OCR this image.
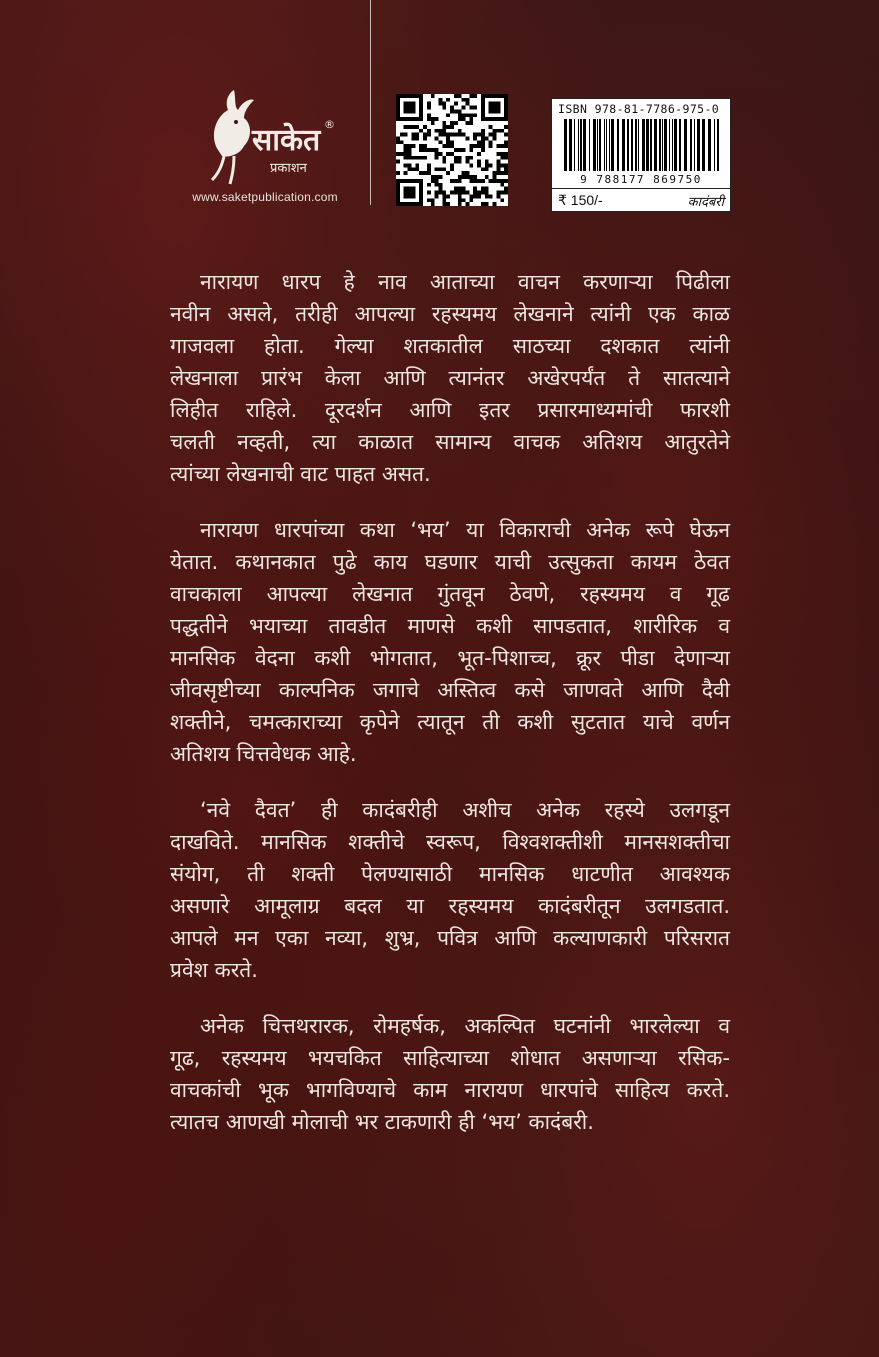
साकेत
प्रकाशन
®
www.saketpublication.com
ISBN 978-81-7786-975-0
9 788177 869750
₹ 150/-	कादंबरी

नारायण धारप हे नाव आताच्या वाचन करणाऱ्या पिढीला
नवीन असले, तरीही आपल्या रहस्यमय लेखनाने त्यांनी एक काळ
गाजवला होता. गेल्या शतकातील साठच्या दशकात त्यांनी
लेखनाला प्रारंभ केला आणि त्यानंतर अखेरपर्यंत ते सातत्याने
लिहीत राहिले. दूरदर्शन आणि इतर प्रसारमाध्यमांची फारशी
चलती नव्हती, त्या काळात सामान्य वाचक अतिशय आतुरतेने
त्यांच्या लेखनाची वाट पाहत असत.

नारायण धारपांच्या कथा ‘भय’ या विकाराची अनेक रूपे घेऊन
येतात. कथानकात पुढे काय घडणार याची उत्सुकता कायम ठेवत
वाचकाला आपल्या लेखनात गुंतवून ठेवणे, रहस्यमय व गूढ
पद्धतीने भयाच्या तावडीत माणसे कशी सापडतात, शारीरिक व
मानसिक वेदना कशी भोगतात, भूत-पिशाच्च, क्रूर पीडा देणाऱ्या
जीवसृष्टीच्या काल्पनिक जगाचे अस्तित्व कसे जाणवते आणि दैवी
शक्तीने, चमत्काराच्या कृपेने त्यातून ती कशी सुटतात याचे वर्णन
अतिशय चित्तवेधक आहे.

‘नवे दैवत’ ही कादंबरीही अशीच अनेक रहस्ये उलगडून
दाखविते. मानसिक शक्तीचे स्वरूप, विश्वशक्तीशी मानसशक्तीचा
संयोग, ती शक्ती पेलण्यासाठी मानसिक धाटणीत आवश्यक
असणारे आमूलाग्र बदल या रहस्यमय कादंबरीतून उलगडतात.
आपले मन एका नव्या, शुभ्र, पवित्र आणि कल्याणकारी परिसरात
प्रवेश करते.

अनेक चित्तथरारक, रोमहर्षक, अकल्पित घटनांनी भारलेल्या व
गूढ, रहस्यमय भयचकित साहित्याच्या शोधात असणाऱ्या रसिक-
वाचकांची भूक भागविण्याचे काम नारायण धारपांचे साहित्य करते.
त्यातच आणखी मोलाची भर टाकणारी ही ‘भय’ कादंबरी.
